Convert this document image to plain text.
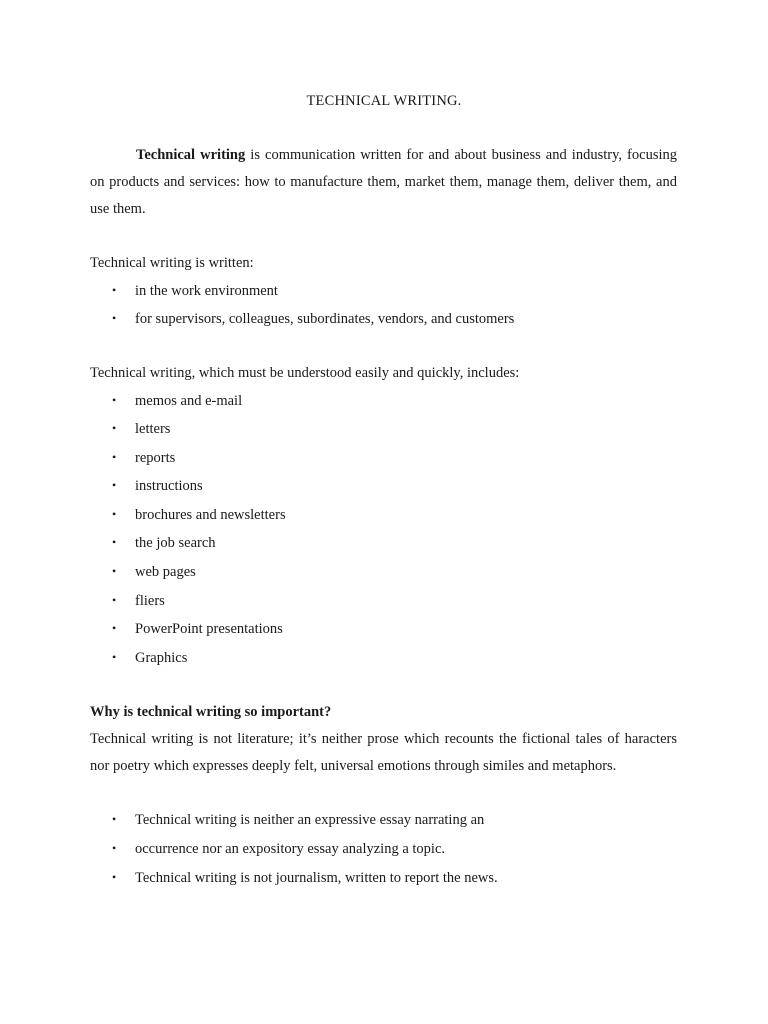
TECHNICAL WRITING.

Technical writing is communication written for and about business and industry, focusing on products and services: how to manufacture them, market them, manage them, deliver them, and use them.

Technical writing is written:
• in the work environment
• for supervisors, colleagues, subordinates, vendors, and customers
Technical writing, which must be understood easily and quickly, includes:
• memos and e-mail
• letters
• reports
• instructions
• brochures and newsletters
• the job search
• web pages
• fliers
• PowerPoint presentations
• Graphics
Why is technical writing so important?

Technical writing is not literature; it’s neither prose which recounts the fictional tales of haracters nor poetry which expresses deeply felt, universal emotions through similes and metaphors.

• Technical writing is neither an expressive essay narrating an
• occurrence nor an expository essay analyzing a topic.
• Technical writing is not journalism, written to report the news.
